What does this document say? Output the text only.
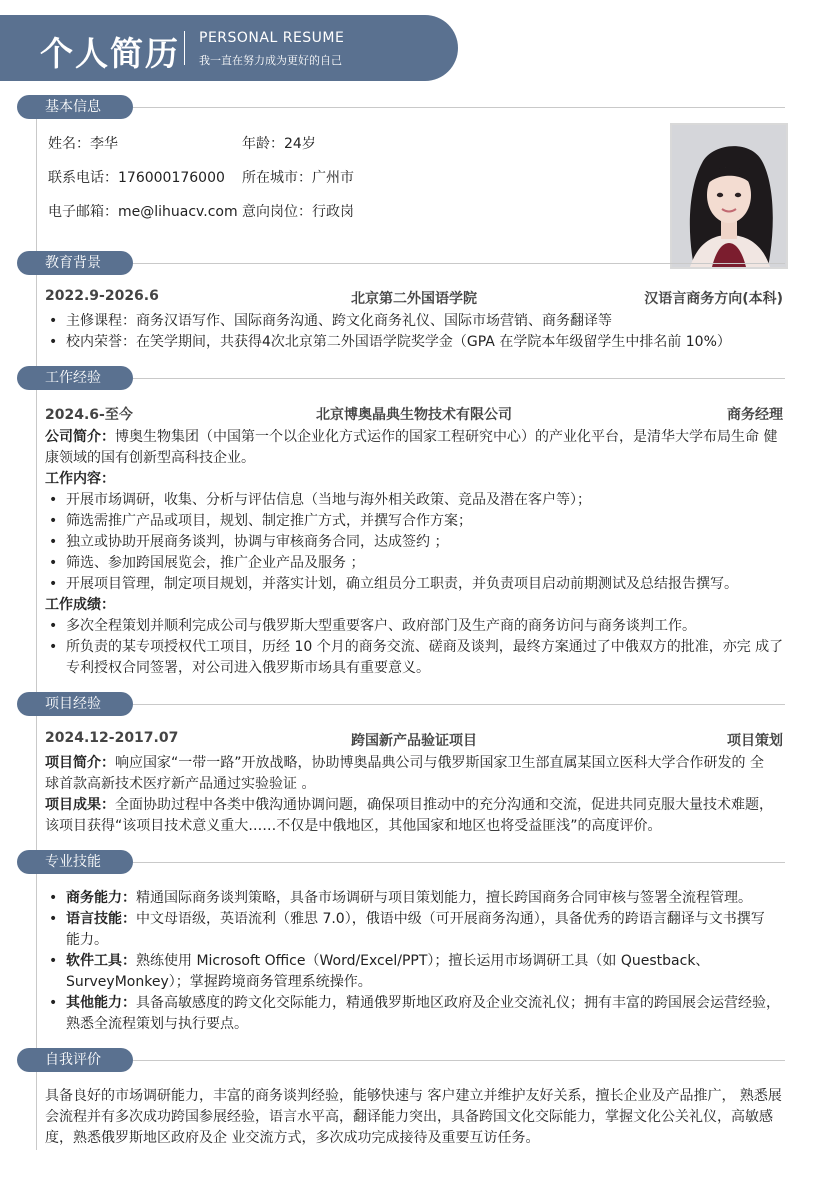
个人简历 PERSONAL RESUME
我一直在努力成为更好的自己
基本信息
姓名：李华	年龄：24岁
联系电话：176000176000 所在城市：广州市
电子邮箱：me@lihuacv.com 意向岗位：行政岗
教育背景
2022.9-2026.6	北京第二外国语学院	汉语言商务方向(本科)
• 主修课程：商务汉语写作、国际商务沟通、跨文化商务礼仪、国际市场营销、商务翻译等
• 校内荣誉：在笑学期间，共获得4次北京第二外国语学院奖学金（GPA 在学院本年级留学生中排名前 10%）
工作经验
2024.6-至今	北京博奥晶典生物技术有限公司	商务经理
公司简介：博奥生物集团（中国第一个以企业化方式运作的国家工程研究中心）的产业化平台，是清华大学布局生命 健
康领域的国有创新型高科技企业。
工作内容：
• 开展市场调研，收集、分析与评估信息（当地与海外相关政策、竞品及潜在客户等）；
• 筛选需推广产品或项目，规划、制定推广方式，并撰写合作方案；
• 独立或协助开展商务谈判，协调与审核商务合同，达成签约 ；
• 筛选、参加跨国展览会，推广企业产品及服务 ；
• 开展项目管理，制定项目规划，并落实计划，确立组员分工职责，并负责项目启动前期测试及总结报告撰写。
工作成绩：
• 多次全程策划并顺利完成公司与俄罗斯大型重要客户、政府部门及生产商的商务访问与商务谈判工作。
• 所负责的某专项授权代工项目，历经 10 个月的商务交流、磋商及谈判，最终方案通过了中俄双方的批准，亦完 成了
专利授权合同签署，对公司进入俄罗斯市场具有重要意义。
项目经验
2024.12-2017.07	跨国新产品验证项目	项目策划
项目简介：响应国家“一带一路”开放战略，协助博奥晶典公司与俄罗斯国家卫生部直属某国立医科大学合作研发的 全
球首款高新技术医疗新产品通过实验验证 。
项目成果：全面协助过程中各类中俄沟通协调问题，确保项目推动中的充分沟通和交流，促进共同克服大量技术难题，
该项目获得“该项目技术意义重大……不仅是中俄地区，其他国家和地区也将受益匪浅”的高度评价。
专业技能
• 商务能力：精通国际商务谈判策略，具备市场调研与项目策划能力，擅长跨国商务合同审核与签署全流程管理。
• 语言技能：中文母语级，英语流利（雅思 7.0），俄语中级（可开展商务沟通），具备优秀的跨语言翻译与文书撰写
能力。
• 软件工具：熟练使用 Microsoft Office（Word/Excel/PPT）；擅长运用市场调研工具（如 Questback、
SurveyMonkey）；掌握跨境商务管理系统操作。
• 其他能力：具备高敏感度的跨文化交际能力，精通俄罗斯地区政府及企业交流礼仪；拥有丰富的跨国展会运营经验，
熟悉全流程策划与执行要点。
自我评价
具备良好的市场调研能力，丰富的商务谈判经验，能够快速与 客户建立并维护友好关系，擅长企业及产品推广， 熟悉展
会流程并有多次成功跨国参展经验，语言水平高，翻译能力突出，具备跨国文化交际能力，掌握文化公关礼仪，高敏感
度，熟悉俄罗斯地区政府及企 业交流方式，多次成功完成接待及重要互访任务。
